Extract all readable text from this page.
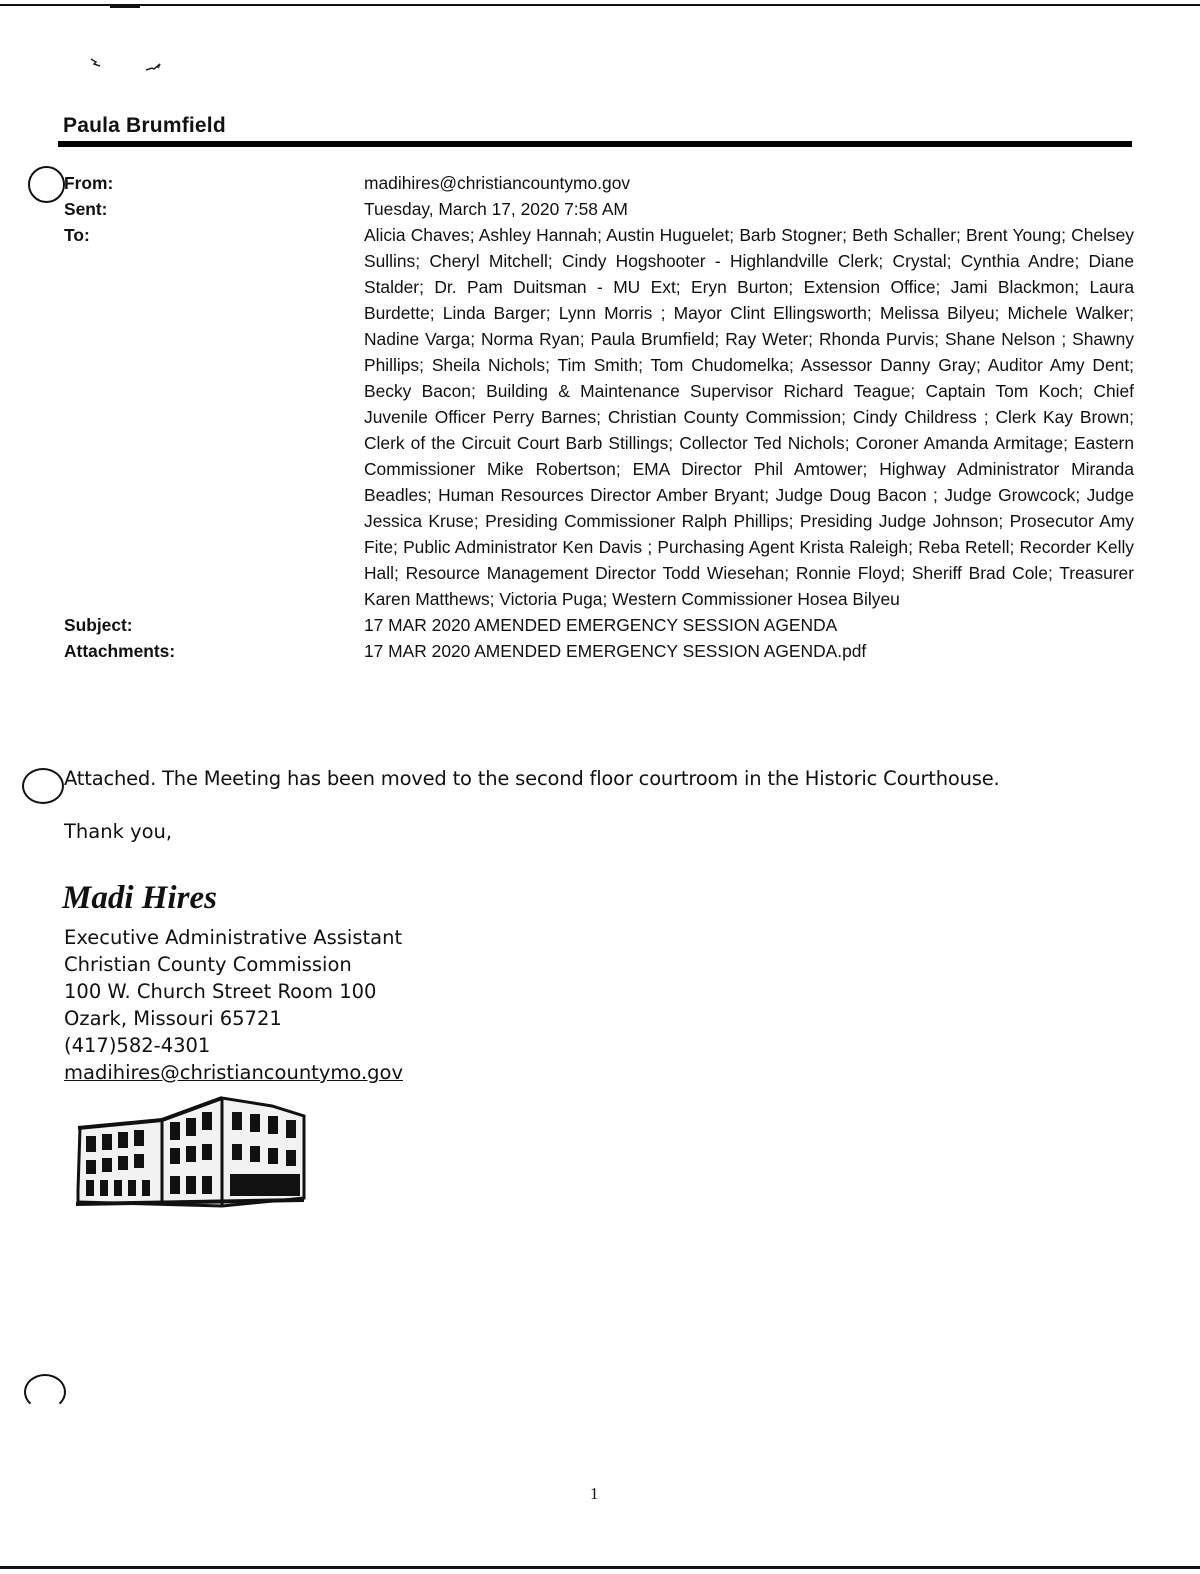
Paula Brumfield
From:	madihires@christiancountymo.gov
Sent:	Tuesday, March 17, 2020 7:58 AM
To:	Alicia Chaves; Ashley Hannah; Austin Huguelet; Barb Stogner; Beth Schaller; Brent Young; Chelsey Sullins; Cheryl Mitchell; Cindy Hogshooter - Highlandville Clerk; Crystal; Cynthia Andre; Diane Stalder; Dr. Pam Duitsman - MU Ext; Eryn Burton; Extension Office; Jami Blackmon; Laura Burdette; Linda Barger; Lynn Morris ; Mayor Clint Ellingsworth; Melissa Bilyeu; Michele Walker; Nadine Varga; Norma Ryan; Paula Brumfield; Ray Weter; Rhonda Purvis; Shane Nelson ; Shawny Phillips; Sheila Nichols; Tim Smith; Tom Chudomelka; Assessor Danny Gray; Auditor Amy Dent; Becky Bacon; Building & Maintenance Supervisor Richard Teague; Captain Tom Koch; Chief Juvenile Officer Perry Barnes; Christian County Commission; Cindy Childress ; Clerk Kay Brown; Clerk of the Circuit Court Barb Stillings; Collector Ted Nichols; Coroner Amanda Armitage; Eastern Commissioner Mike Robertson; EMA Director Phil Amtower; Highway Administrator Miranda Beadles; Human Resources Director Amber Bryant; Judge Doug Bacon ; Judge Growcock; Judge Jessica Kruse; Presiding Commissioner Ralph Phillips; Presiding Judge Johnson; Prosecutor Amy Fite; Public Administrator Ken Davis ; Purchasing Agent Krista Raleigh; Reba Retell; Recorder Kelly Hall; Resource Management Director Todd Wiesehan; Ronnie Floyd; Sheriff Brad Cole; Treasurer Karen Matthews; Victoria Puga; Western Commissioner Hosea Bilyeu
Subject:	17 MAR 2020 AMENDED EMERGENCY SESSION AGENDA
Attachments:	17 MAR 2020 AMENDED EMERGENCY SESSION AGENDA.pdf
Attached. The Meeting has been moved to the second floor courtroom in the Historic Courthouse.
Thank you,
Madi Hires
Executive Administrative Assistant
Christian County Commission
100 W. Church Street Room 100
Ozark, Missouri 65721
(417)582-4301
madihires@christiancountymo.gov
1
